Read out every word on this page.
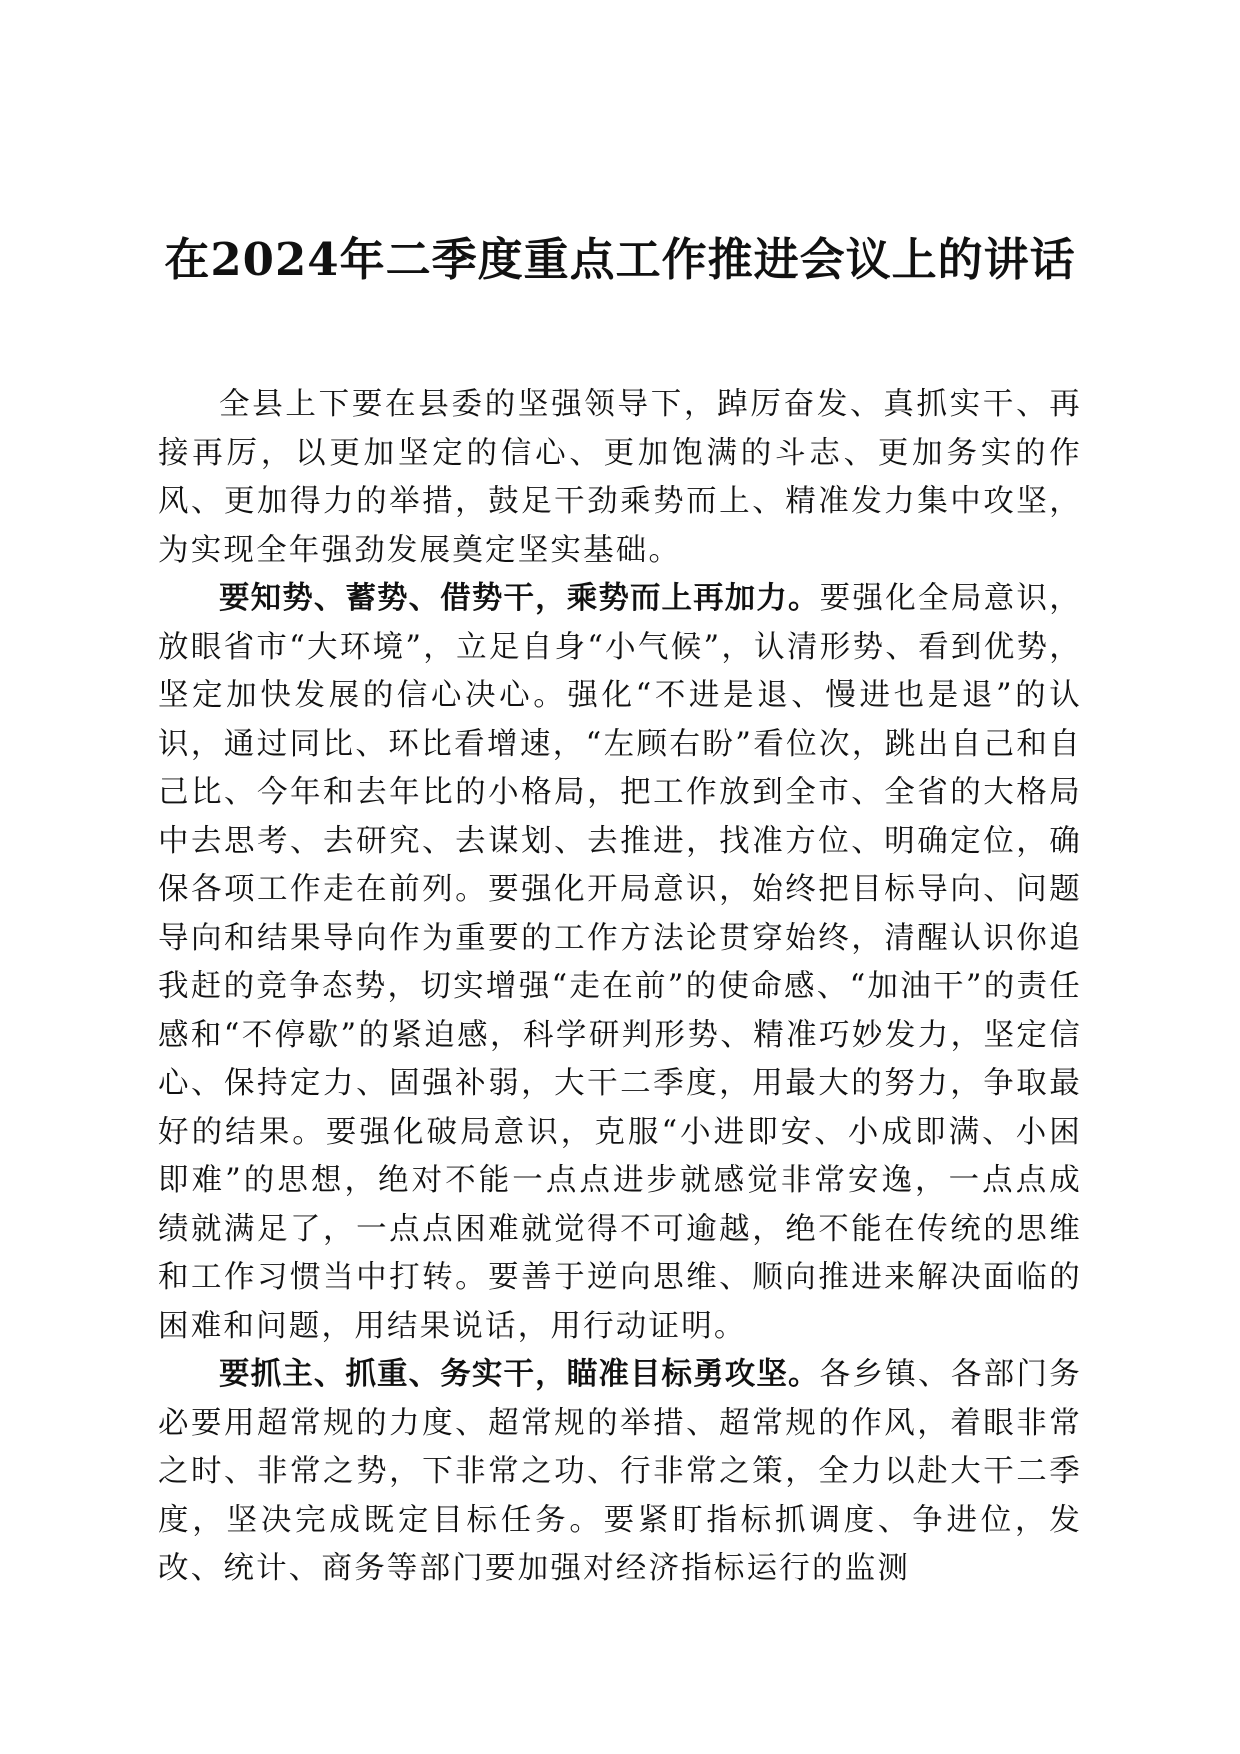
在2024年二季度重点工作推进会议上的讲话

全县上下要在县委的坚强领导下，踔厉奋发、真抓实干、再接再厉，以更加坚定的信心、更加饱满的斗志、更加务实的作风、更加得力的举措，鼓足干劲乘势而上、精准发力集中攻坚，为实现全年强劲发展奠定坚实基础。

要知势、蓄势、借势干，乘势而上再加力。要强化全局意识，放眼省市“大环境”，立足自身“小气候”，认清形势、看到优势，坚定加快发展的信心决心。强化“不进是退、慢进也是退”的认识，通过同比、环比看增速，“左顾右盼”看位次，跳出自己和自己比、今年和去年比的小格局，把工作放到全市、全省的大格局中去思考、去研究、去谋划、去推进，找准方位、明确定位，确保各项工作走在前列。要强化开局意识，始终把目标导向、问题导向和结果导向作为重要的工作方法论贯穿始终，清醒认识你追我赶的竞争态势，切实增强“走在前”的使命感、“加油干”的责任感和“不停歇”的紧迫感，科学研判形势、精准巧妙发力，坚定信心、保持定力、固强补弱，大干二季度，用最大的努力，争取最好的结果。要强化破局意识，克服“小进即安、小成即满、小困即难”的思想，绝对不能一点点进步就感觉非常安逸，一点点成绩就满足了，一点点困难就觉得不可逾越，绝不能在传统的思维和工作习惯当中打转。要善于逆向思维、顺向推进来解决面临的困难和问题，用结果说话，用行动证明。

要抓主、抓重、务实干，瞄准目标勇攻坚。各乡镇、各部门务必要用超常规的力度、超常规的举措、超常规的作风，着眼非常之时、非常之势，下非常之功、行非常之策，全力以赴大干二季度，坚决完成既定目标任务。要紧盯指标抓调度、争进位，发改、统计、商务等部门要加强对经济指标运行的监测
